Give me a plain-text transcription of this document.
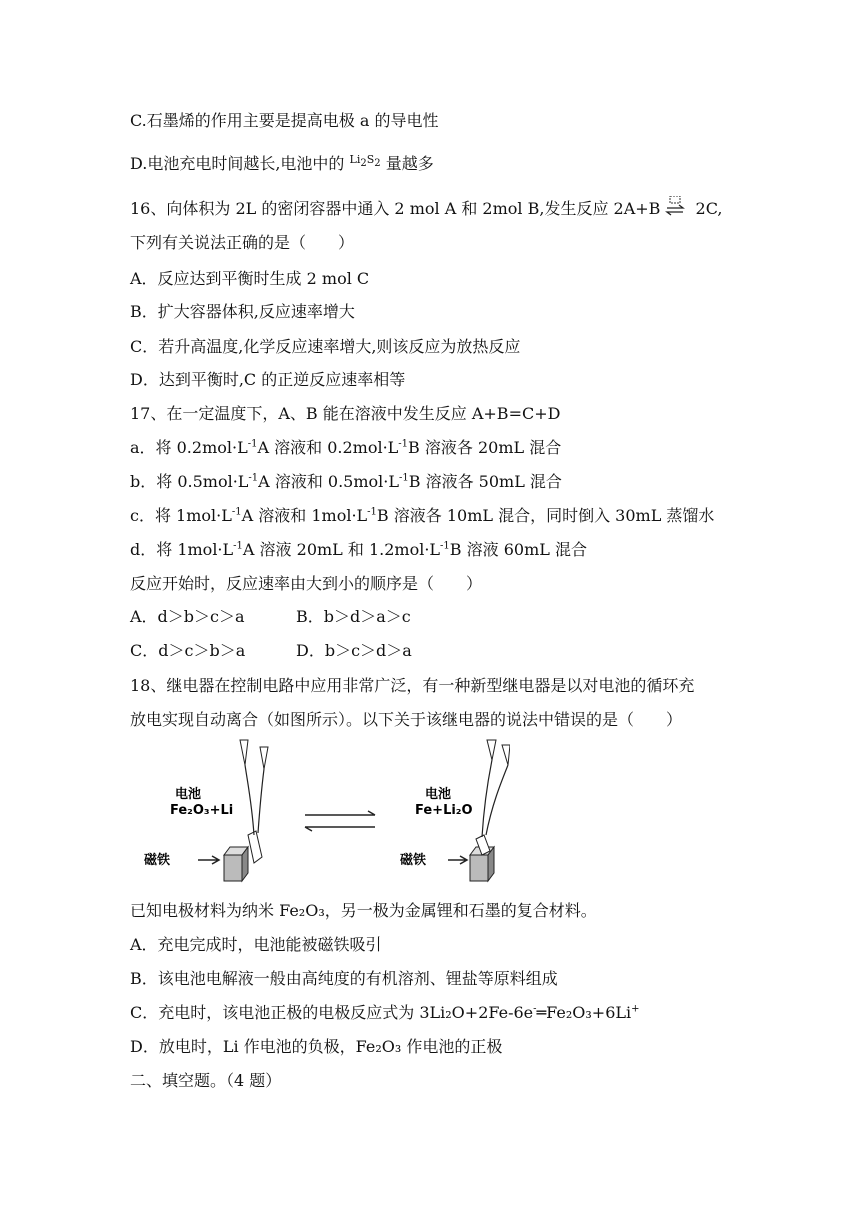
C.石墨烯的作用主要是提高电极 a 的导电性
D.电池充电时间越长,电池中的 $^{Li_2S_2}$ 量越多
16、向体积为 2L 的密闭容器中通入 2 mol A 和 2mol B,发生反应 2A+B 2C,
下列有关说法正确的是（　　）
A．反应达到平衡时生成 2 mol C
B．扩大容器体积,反应速率增大
C．若升高温度,化学反应速率增大,则该反应为放热反应
D．达到平衡时,C 的正逆反应速率相等
17、在一定温度下，A、B 能在溶液中发生反应 A+B=C+D
a．将 $0.2mol\cdot L^{-1}A$ 溶液和 $0.2mol\cdot L^{-1}B$ 溶液各 20mL 混合
b．将 $0.5mol\cdot L^{-1}A$ 溶液和 $0.5mol\cdot L^{-1}B$ 溶液各 50mL 混合
c．将 $1mol\cdot L^{-1}A$ 溶液和 $1mol\cdot L^{-1}B$ 溶液各 10mL 混合，同时倒入 30mL 蒸馏水
d．将 $1mol\cdot L^{-1}A$ 溶液 20mL 和 $1.2mol\cdot L^{-1}B$ 溶液 60mL 混合
反应开始时，反应速率由大到小的顺序是（　　）
A．d＞b＞c＞a	B．b＞d＞a＞c
C．d＞c＞b＞a	D．b＞c＞d＞a
18、继电器在控制电路中应用非常广泛，有一种新型继电器是以对电池的循环充
放电实现自动离合（如图所示）。以下关于该继电器的说法中错误的是（　　）
电池
Fe₂O₃+Li
磁铁
电池
Fe+Li₂O
磁铁
已知电极材料为纳米 Fe₂O₃，另一极为金属锂和石墨的复合材料。
A．充电完成时，电池能被磁铁吸引
B．该电池电解液一般由高纯度的有机溶剂、锂盐等原料组成
C．充电时，该电池正极的电极反应式为 3Li₂O+2Fe-6e-═Fe₂O₃+6Li+
D．放电时，Li 作电池的负极，Fe₂O₃ 作电池的正极
二、填空题。（4 题）
